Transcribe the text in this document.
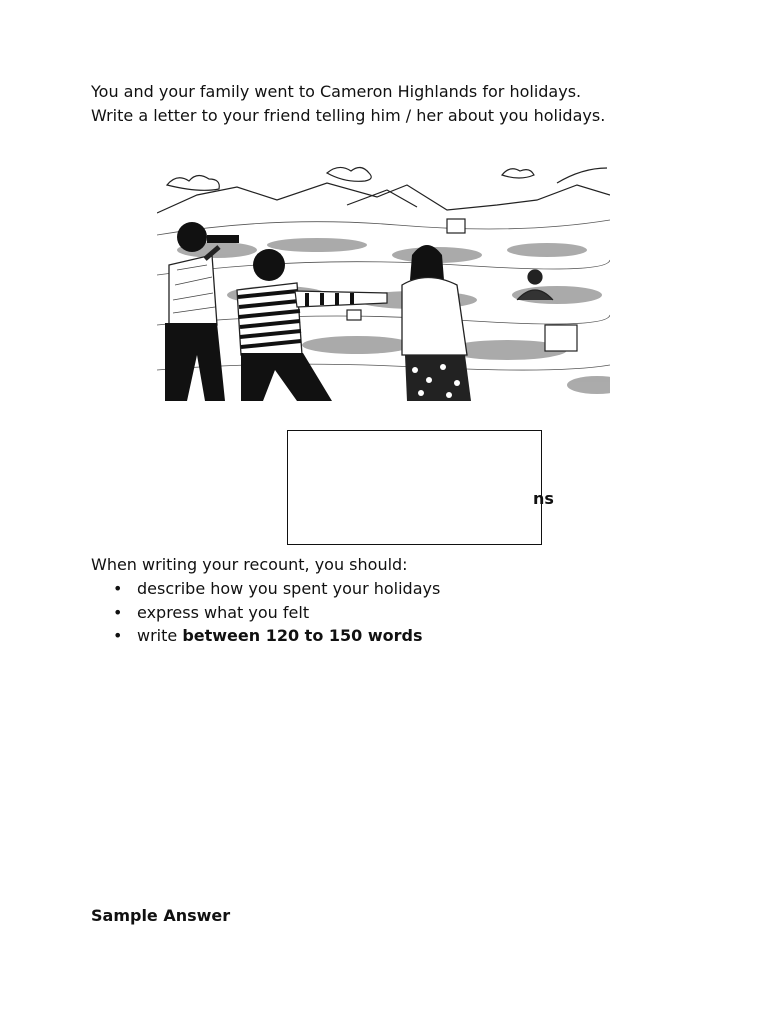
You and your family went to Cameron Highlands for holidays.
Write a letter to your friend telling him / her about you holidays.
ns
When writing your recount, you should:
• describe how you spent your holidays
• express what you felt
• write between 120 to 150 words
Sample Answer
